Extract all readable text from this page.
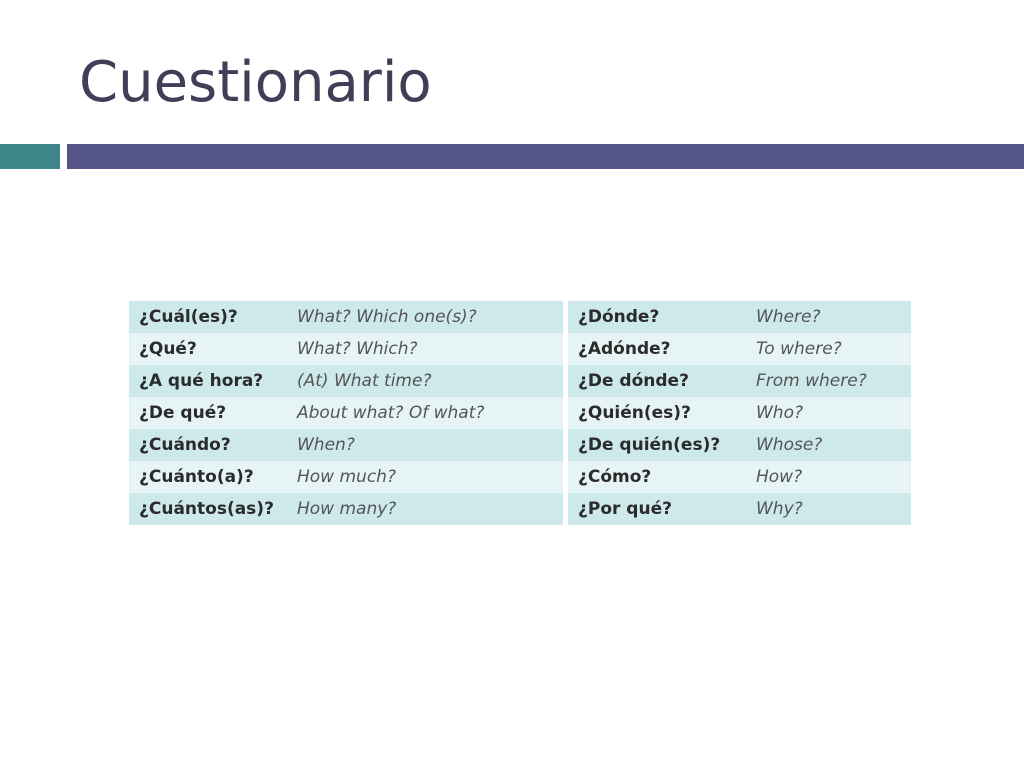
Cuestionario
¿Cuál(es)?	What? Which one(s)?
¿Qué?	What? Which?
¿A qué hora?	(At) What time?
¿De qué?	About what? Of what?
¿Cuándo?	When?
¿Cuánto(a)?	How much?
¿Cuántos(as)?	How many?
¿Dónde?	Where?
¿Adónde?	To where?
¿De dónde?	From where?
¿Quién(es)?	Who?
¿De quién(es)?	Whose?
¿Cómo?	How?
¿Por qué?	Why?
